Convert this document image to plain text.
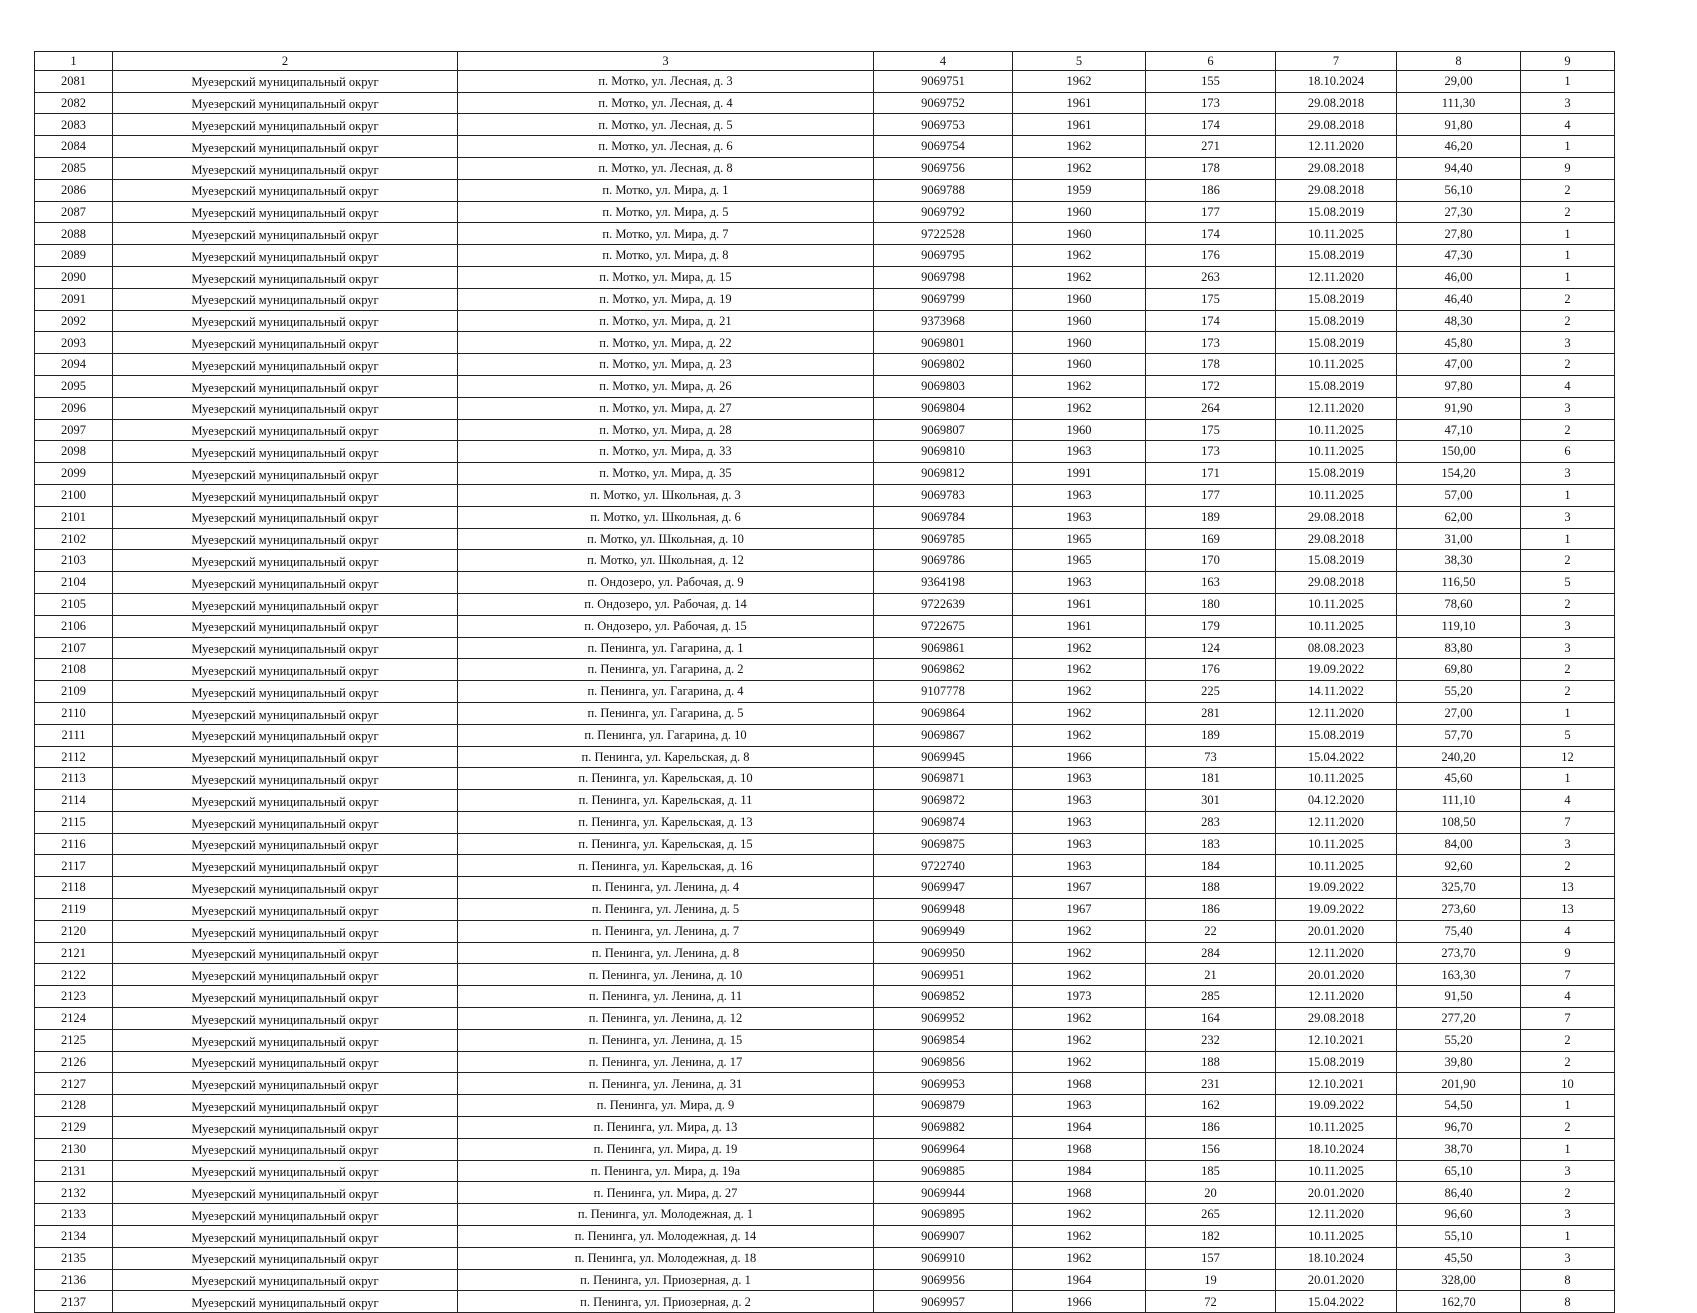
1	2	3	4	5	6	7	8	9
2081	Муезерский муниципальный округ	п. Мотко, ул. Лесная, д. 3	9069751	1962	155	18.10.2024	29,00	1
2082	Муезерский муниципальный округ	п. Мотко, ул. Лесная, д. 4	9069752	1961	173	29.08.2018	111,30	3
2083	Муезерский муниципальный округ	п. Мотко, ул. Лесная, д. 5	9069753	1961	174	29.08.2018	91,80	4
2084	Муезерский муниципальный округ	п. Мотко, ул. Лесная, д. 6	9069754	1962	271	12.11.2020	46,20	1
2085	Муезерский муниципальный округ	п. Мотко, ул. Лесная, д. 8	9069756	1962	178	29.08.2018	94,40	9
2086	Муезерский муниципальный округ	п. Мотко, ул. Мира, д. 1	9069788	1959	186	29.08.2018	56,10	2
2087	Муезерский муниципальный округ	п. Мотко, ул. Мира, д. 5	9069792	1960	177	15.08.2019	27,30	2
2088	Муезерский муниципальный округ	п. Мотко, ул. Мира, д. 7	9722528	1960	174	10.11.2025	27,80	1
2089	Муезерский муниципальный округ	п. Мотко, ул. Мира, д. 8	9069795	1962	176	15.08.2019	47,30	1
2090	Муезерский муниципальный округ	п. Мотко, ул. Мира, д. 15	9069798	1962	263	12.11.2020	46,00	1
2091	Муезерский муниципальный округ	п. Мотко, ул. Мира, д. 19	9069799	1960	175	15.08.2019	46,40	2
2092	Муезерский муниципальный округ	п. Мотко, ул. Мира, д. 21	9373968	1960	174	15.08.2019	48,30	2
2093	Муезерский муниципальный округ	п. Мотко, ул. Мира, д. 22	9069801	1960	173	15.08.2019	45,80	3
2094	Муезерский муниципальный округ	п. Мотко, ул. Мира, д. 23	9069802	1960	178	10.11.2025	47,00	2
2095	Муезерский муниципальный округ	п. Мотко, ул. Мира, д. 26	9069803	1962	172	15.08.2019	97,80	4
2096	Муезерский муниципальный округ	п. Мотко, ул. Мира, д. 27	9069804	1962	264	12.11.2020	91,90	3
2097	Муезерский муниципальный округ	п. Мотко, ул. Мира, д. 28	9069807	1960	175	10.11.2025	47,10	2
2098	Муезерский муниципальный округ	п. Мотко, ул. Мира, д. 33	9069810	1963	173	10.11.2025	150,00	6
2099	Муезерский муниципальный округ	п. Мотко, ул. Мира, д. 35	9069812	1991	171	15.08.2019	154,20	3
2100	Муезерский муниципальный округ	п. Мотко, ул. Школьная, д. 3	9069783	1963	177	10.11.2025	57,00	1
2101	Муезерский муниципальный округ	п. Мотко, ул. Школьная, д. 6	9069784	1963	189	29.08.2018	62,00	3
2102	Муезерский муниципальный округ	п. Мотко, ул. Школьная, д. 10	9069785	1965	169	29.08.2018	31,00	1
2103	Муезерский муниципальный округ	п. Мотко, ул. Школьная, д. 12	9069786	1965	170	15.08.2019	38,30	2
2104	Муезерский муниципальный округ	п. Ондозеро, ул. Рабочая, д. 9	9364198	1963	163	29.08.2018	116,50	5
2105	Муезерский муниципальный округ	п. Ондозеро, ул. Рабочая, д. 14	9722639	1961	180	10.11.2025	78,60	2
2106	Муезерский муниципальный округ	п. Ондозеро, ул. Рабочая, д. 15	9722675	1961	179	10.11.2025	119,10	3
2107	Муезерский муниципальный округ	п. Пенинга, ул. Гагарина, д. 1	9069861	1962	124	08.08.2023	83,80	3
2108	Муезерский муниципальный округ	п. Пенинга, ул. Гагарина, д. 2	9069862	1962	176	19.09.2022	69,80	2
2109	Муезерский муниципальный округ	п. Пенинга, ул. Гагарина, д. 4	9107778	1962	225	14.11.2022	55,20	2
2110	Муезерский муниципальный округ	п. Пенинга, ул. Гагарина, д. 5	9069864	1962	281	12.11.2020	27,00	1
2111	Муезерский муниципальный округ	п. Пенинга, ул. Гагарина, д. 10	9069867	1962	189	15.08.2019	57,70	5
2112	Муезерский муниципальный округ	п. Пенинга, ул. Карельская, д. 8	9069945	1966	73	15.04.2022	240,20	12
2113	Муезерский муниципальный округ	п. Пенинга, ул. Карельская, д. 10	9069871	1963	181	10.11.2025	45,60	1
2114	Муезерский муниципальный округ	п. Пенинга, ул. Карельская, д. 11	9069872	1963	301	04.12.2020	111,10	4
2115	Муезерский муниципальный округ	п. Пенинга, ул. Карельская, д. 13	9069874	1963	283	12.11.2020	108,50	7
2116	Муезерский муниципальный округ	п. Пенинга, ул. Карельская, д. 15	9069875	1963	183	10.11.2025	84,00	3
2117	Муезерский муниципальный округ	п. Пенинга, ул. Карельская, д. 16	9722740	1963	184	10.11.2025	92,60	2
2118	Муезерский муниципальный округ	п. Пенинга, ул. Ленина, д. 4	9069947	1967	188	19.09.2022	325,70	13
2119	Муезерский муниципальный округ	п. Пенинга, ул. Ленина, д. 5	9069948	1967	186	19.09.2022	273,60	13
2120	Муезерский муниципальный округ	п. Пенинга, ул. Ленина, д. 7	9069949	1962	22	20.01.2020	75,40	4
2121	Муезерский муниципальный округ	п. Пенинга, ул. Ленина, д. 8	9069950	1962	284	12.11.2020	273,70	9
2122	Муезерский муниципальный округ	п. Пенинга, ул. Ленина, д. 10	9069951	1962	21	20.01.2020	163,30	7
2123	Муезерский муниципальный округ	п. Пенинга, ул. Ленина, д. 11	9069852	1973	285	12.11.2020	91,50	4
2124	Муезерский муниципальный округ	п. Пенинга, ул. Ленина, д. 12	9069952	1962	164	29.08.2018	277,20	7
2125	Муезерский муниципальный округ	п. Пенинга, ул. Ленина, д. 15	9069854	1962	232	12.10.2021	55,20	2
2126	Муезерский муниципальный округ	п. Пенинга, ул. Ленина, д. 17	9069856	1962	188	15.08.2019	39,80	2
2127	Муезерский муниципальный округ	п. Пенинга, ул. Ленина, д. 31	9069953	1968	231	12.10.2021	201,90	10
2128	Муезерский муниципальный округ	п. Пенинга, ул. Мира, д. 9	9069879	1963	162	19.09.2022	54,50	1
2129	Муезерский муниципальный округ	п. Пенинга, ул. Мира, д. 13	9069882	1964	186	10.11.2025	96,70	2
2130	Муезерский муниципальный округ	п. Пенинга, ул. Мира, д. 19	9069964	1968	156	18.10.2024	38,70	1
2131	Муезерский муниципальный округ	п. Пенинга, ул. Мира, д. 19а	9069885	1984	185	10.11.2025	65,10	3
2132	Муезерский муниципальный округ	п. Пенинга, ул. Мира, д. 27	9069944	1968	20	20.01.2020	86,40	2
2133	Муезерский муниципальный округ	п. Пенинга, ул. Молодежная, д. 1	9069895	1962	265	12.11.2020	96,60	3
2134	Муезерский муниципальный округ	п. Пенинга, ул. Молодежная, д. 14	9069907	1962	182	10.11.2025	55,10	1
2135	Муезерский муниципальный округ	п. Пенинга, ул. Молодежная, д. 18	9069910	1962	157	18.10.2024	45,50	3
2136	Муезерский муниципальный округ	п. Пенинга, ул. Приозерная, д. 1	9069956	1964	19	20.01.2020	328,00	8
2137	Муезерский муниципальный округ	п. Пенинга, ул. Приозерная, д. 2	9069957	1966	72	15.04.2022	162,70	8
